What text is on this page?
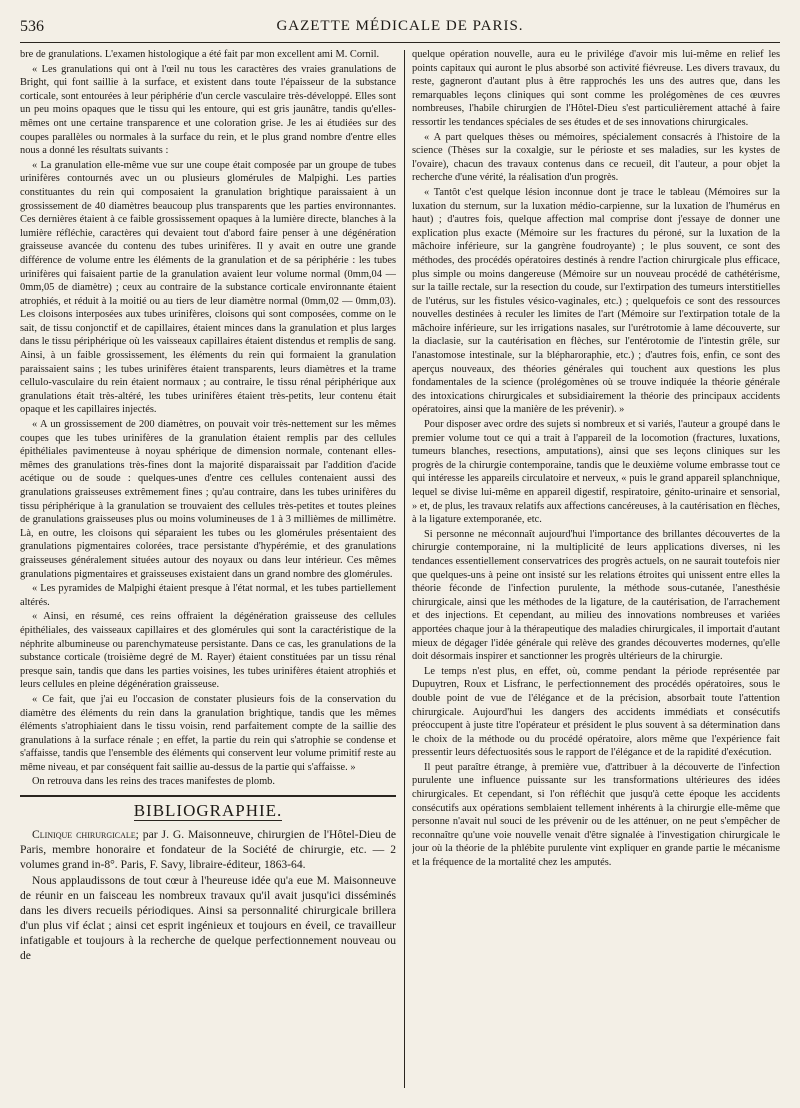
536	GAZETTE MÉDICALE DE PARIS.

bre de granulations. L'examen histologique a été fait par mon excellent ami M. Cornil.

« Les granulations qui ont à l'œil nu tous les caractères des vraies granulations de Bright, qui font saillie à la surface, et existent dans toute l'épaisseur de la substance corticale, sont entourées à leur périphérie d'un cercle vasculaire très-développé. Elles sont un peu moins opaques que le tissu qui les entoure, qui est gris jaunâtre, tandis qu'elles-mêmes ont une certaine transparence et une coloration grise. Je les ai étudiées sur des coupes parallèles ou normales à la surface du rein, et le plus grand nombre d'entre elles nous a donné les résultats suivants :

« La granulation elle-même vue sur une coupe était composée par un groupe de tubes urinifères contournés avec un ou plusieurs glomérules de Malpighi. Les parties constituantes du rein qui composaient la granulation brightique paraissaient à un grossissement de 40 diamètres beaucoup plus transparents que les parties environnantes. Ces dernières étaient à ce faible grossissement opaques à la lumière directe, blanches à la lumière réfléchie, caractères qui devaient tout d'abord faire penser à une dégénération graisseuse avancée du contenu des tubes urinifères. Il y avait en outre une grande différence de volume entre les éléments de la granulation et de sa périphérie : les tubes urinifères qui faisaient partie de la granulation avaient leur volume normal (0mm,04 — 0mm,05 de diamètre) ; ceux au contraire de la substance corticale environnante étaient atrophiés, et réduit à la moitié ou au tiers de leur diamètre normal (0mm,02 — 0mm,03). Les cloisons interposées aux tubes urinifères, cloisons qui sont composées, comme on le sait, de tissu conjonctif et de capillaires, étaient minces dans la granulation et plus larges dans le tissu périphérique où les vaisseaux capillaires étaient distendus et remplis de sang. Ainsi, à un faible grossissement, les éléments du rein qui formaient la granulation paraissaient sains ; les tubes urinifères étaient transparents, leurs diamètres et la trame cellulo-vasculaire du rein étaient normaux ; au contraire, le tissu rénal périphérique aux granulations était très-altéré, les tubes urinifères étaient très-petits, leur contenu était opaque et les capillaires injectés.

« A un grossissement de 200 diamètres, on pouvait voir très-nettement sur les mêmes coupes que les tubes urinifères de la granulation étaient remplis par des cellules épithéliales pavimenteuse à noyau sphérique de dimension normale, contenant elles-mêmes des granulations très-fines dont la majorité disparaissait par l'addition d'acide acétique ou de soude : quelques-unes d'entre ces cellules contenaient aussi des granulations graisseuses extrêmement fines ; qu'au contraire, dans les tubes urinifères du tissu périphérique à la granulation se trouvaient des cellules très-petites et toutes pleines de granulations graisseuses plus ou moins volumineuses de 1 à 3 millièmes de millimètre. Là, en outre, les cloisons qui séparaient les tubes ou les glomérules présentaient des granulations pigmentaires colorées, trace persistante d'hypérémie, et des granulations graisseuses généralement situées autour des noyaux ou dans leur intérieur. Ces mêmes granulations pigmentaires et graisseuses existaient dans un grand nombre des glomérules.

« Les pyramides de Malpighi étaient presque à l'état normal, et les tubes partiellement altérés.

« Ainsi, en résumé, ces reins offraient la dégénération graisseuse des cellules épithéliales, des vaisseaux capillaires et des glomérules qui sont la caractéristique de la néphrite albumineuse ou parenchymateuse persistante. Dans ce cas, les granulations de la substance corticale (troisième degré de M. Rayer) étaient constituées par un tissu rénal presque sain, tandis que dans les parties voisines, les tubes urinifères étaient atrophiés et leurs cellules en pleine dégénération graisseuse.

« Ce fait, que j'ai eu l'occasion de constater plusieurs fois de la conservation du diamètre des éléments du rein dans la granulation brightique, tandis que les mêmes éléments s'atrophiaient dans le tissu voisin, rend parfaitement compte de la saillie des granulations à la surface rénale ; en effet, la partie du rein qui s'atrophie se condense et s'affaisse, tandis que l'ensemble des éléments qui conservent leur volume primitif reste au même niveau, et par conséquent fait saillie au-dessus de la partie qui s'affaisse. »

On retrouva dans les reins des traces manifestes de plomb.

BIBLIOGRAPHIE.

Clinique chirurgicale; par J. G. Maisonneuve, chirurgien de l'Hôtel-Dieu de Paris, membre honoraire et fondateur de la Société de chirurgie, etc. — 2 volumes grand in-8°. Paris, F. Savy, libraire-éditeur, 1863-64.

Nous applaudissons de tout cœur à l'heureuse idée qu'a eue M. Maisonneuve de réunir en un faisceau les nombreux travaux qu'il avait jusqu'ici disséminés dans les divers recueils périodiques. Ainsi sa personnalité chirurgicale brillera d'un plus vif éclat ; ainsi cet esprit ingénieux et toujours en éveil, ce travailleur infatigable et toujours à la recherche de quelque perfectionnement nouveau ou de

quelque opération nouvelle, aura eu le privilége d'avoir mis lui-même en relief les points capitaux qui auront le plus absorbé son activité fiévreuse. Les divers travaux, du reste, gagneront d'autant plus à être rapprochés les uns des autres que, dans les remarquables leçons cliniques qui sont comme les prolégomènes de ces œuvres nombreuses, l'habile chirurgien de l'Hôtel-Dieu s'est particulièrement attaché à faire ressortir les tendances spéciales de ses études et de ses innovations chirurgicales.

« A part quelques thèses ou mémoires, spécialement consacrés à l'histoire de la science (Thèses sur la coxalgie, sur le périoste et ses maladies, sur les kystes de l'ovaire), chacun des travaux contenus dans ce recueil, dit l'auteur, a pour objet la recherche d'une vérité, la réalisation d'un progrès.

« Tantôt c'est quelque lésion inconnue dont je trace le tableau (Mémoires sur la luxation du sternum, sur la luxation médio-carpienne, sur la luxation de l'humérus en haut) ; d'autres fois, quelque affection mal comprise dont j'essaye de donner une explication plus exacte (Mémoire sur les fractures du péroné, sur la luxation de la mâchoire inférieure, sur la gangrène foudroyante) ; le plus souvent, ce sont des méthodes, des procédés opératoires destinés à rendre l'action chirurgicale plus efficace, plus simple ou moins dangereuse (Mémoire sur un nouveau procédé de cathétérisme, sur la taille rectale, sur la resection du coude, sur l'extirpation des tumeurs interstitielles de l'utérus, sur les fistules vésico-vaginales, etc.) ; quelquefois ce sont des ressources nouvelles destinées à reculer les limites de l'art (Mémoire sur l'extirpation totale de la mâchoire inférieure, sur les irrigations nasales, sur l'urétrotomie à lame découverte, sur la diaclasie, sur la cautérisation en flèches, sur l'entérotomie de l'intestin grêle, sur l'anastomose intestinale, sur la blépharoraphie, etc.) ; d'autres fois, enfin, ce sont des aperçus nouveaux, des théories générales qui touchent aux questions les plus fondamentales de la science (prolégomènes où se trouve indiquée la théorie générale des intoxications chirurgicales et subsidiairement la théorie des principaux accidents opératoires, ainsi que la manière de les prévenir). »

Pour disposer avec ordre des sujets si nombreux et si variés, l'auteur a groupé dans le premier volume tout ce qui a trait à l'appareil de la locomotion (fractures, luxations, tumeurs blanches, resections, amputations), ainsi que ses leçons cliniques sur les progrès de la chirurgie contemporaine, tandis que le deuxième volume embrasse tout ce qui intéresse les appareils circulatoire et nerveux, « puis le grand appareil splanchnique, lequel se divise lui-même en appareil digestif, respiratoire, génito-urinaire et sensorial, » et, de plus, les travaux relatifs aux affections cancéreuses, à la cautérisation en flèches, à la ligature extemporanée, etc.

Si personne ne méconnaît aujourd'hui l'importance des brillantes découvertes de la chirurgie contemporaine, ni la multiplicité de leurs applications diverses, ni les tendances essentiellement conservatrices des progrès actuels, on ne saurait toutefois nier que quelques-uns à peine ont insisté sur les relations étroites qui unissent entre elles la théorie féconde de l'infection purulente, la méthode sous-cutanée, l'anesthésie chirurgicale, ainsi que les méthodes de la ligature, de la cautérisation, de l'arrachement et des injections. Et cependant, au milieu des innovations nombreuses et variées apportées chaque jour à la thérapeutique des maladies chirurgicales, il importait d'autant mieux de dégager l'idée générale qui relève des grandes découvertes modernes, qu'elle doit désormais inspirer et sanctionner les progrès ultérieurs de la chirurgie.

Le temps n'est plus, en effet, où, comme pendant la période représentée par Dupuytren, Roux et Lisfranc, le perfectionnement des procédés opératoires, sous le double point de vue de l'élégance et de la précision, absorbait toute l'attention chirurgicale. Aujourd'hui les dangers des accidents immédiats et consécutifs préoccupent à juste titre l'opérateur et président le plus souvent à sa détermination dans le choix de la méthode ou du procédé opératoire, alors même que l'expérience fait pressentir leurs défectuosités sous le rapport de l'élégance et de la rapidité d'exécution.

Il peut paraître étrange, à première vue, d'attribuer à la découverte de l'infection purulente une influence puissante sur les transformations ultérieures des idées chirurgicales. Et cependant, si l'on réfléchit que jusqu'à cette époque les accidents consécutifs aux opérations semblaient tellement inhérents à la chirurgie elle-même que personne n'avait nul souci de les prévenir ou de les atténuer, on ne peut s'empêcher de reconnaître qu'une voie nouvelle venait d'être signalée à l'investigation chirurgicale le jour où la théorie de la phlébite purulente vint expliquer en grande partie le mécanisme et la fréquence de la mortalité chez les amputés.
